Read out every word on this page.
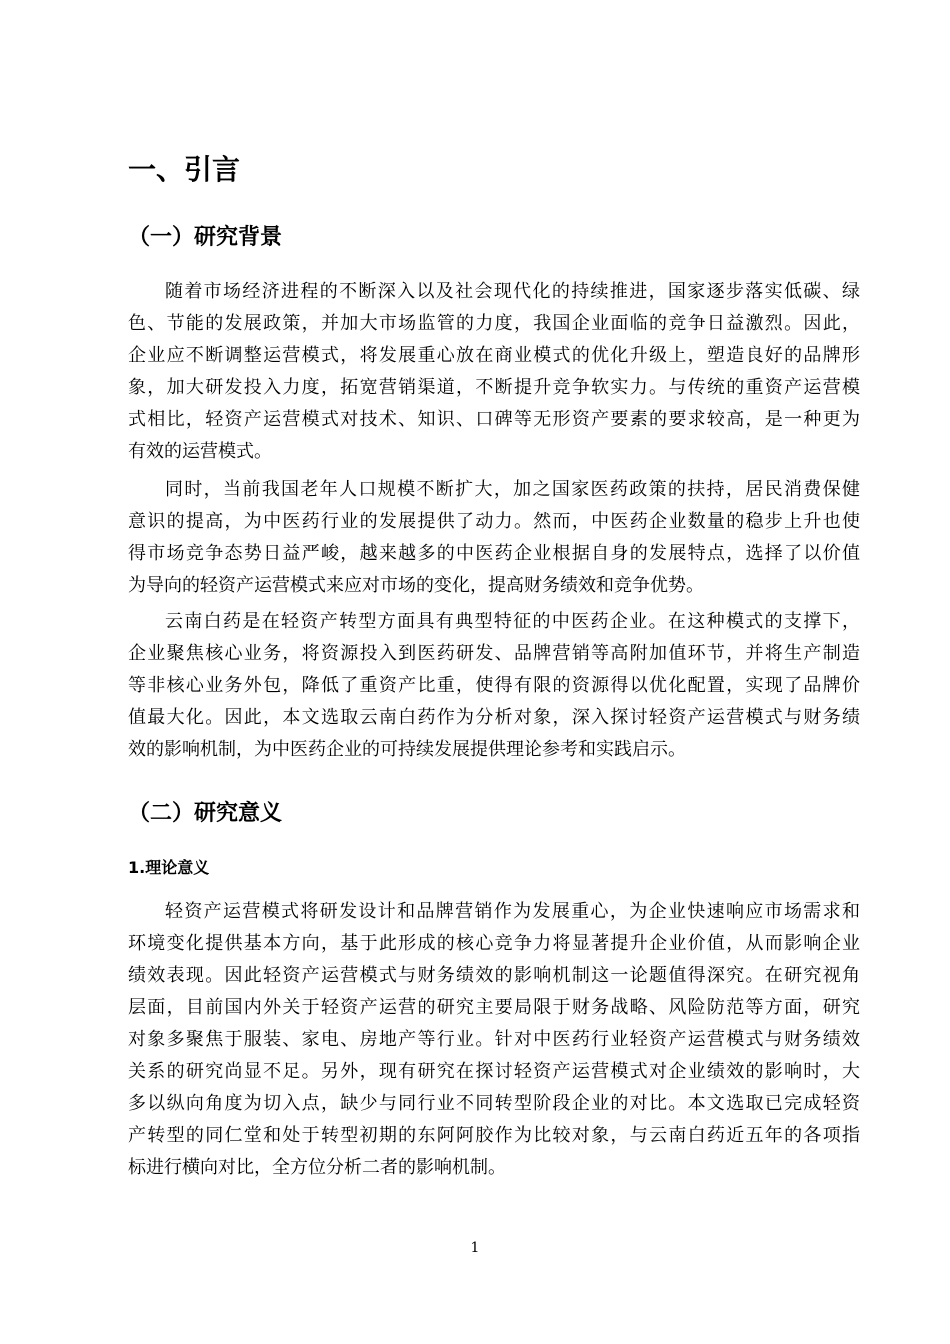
一、引言
（一）研究背景
随着市场经济进程的不断深入以及社会现代化的持续推进，国家逐步落实低碳、绿
色、节能的发展政策，并加大市场监管的力度，我国企业面临的竞争日益激烈。因此，
企业应不断调整运营模式，将发展重心放在商业模式的优化升级上，塑造良好的品牌形
象，加大研发投入力度，拓宽营销渠道，不断提升竞争软实力。与传统的重资产运营模
式相比，轻资产运营模式对技术、知识、口碑等无形资产要素的要求较高，是一种更为
有效的运营模式。
同时，当前我国老年人口规模不断扩大，加之国家医药政策的扶持，居民消费保健
意识的提高，为中医药行业的发展提供了动力。然而，中医药企业数量的稳步上升也使
得市场竞争态势日益严峻，越来越多的中医药企业根据自身的发展特点，选择了以价值
为导向的轻资产运营模式来应对市场的变化，提高财务绩效和竞争优势。
云南白药是在轻资产转型方面具有典型特征的中医药企业。在这种模式的支撑下，
企业聚焦核心业务，将资源投入到医药研发、品牌营销等高附加值环节，并将生产制造
等非核心业务外包，降低了重资产比重，使得有限的资源得以优化配置，实现了品牌价
值最大化。因此，本文选取云南白药作为分析对象，深入探讨轻资产运营模式与财务绩
效的影响机制，为中医药企业的可持续发展提供理论参考和实践启示。
（二）研究意义
1.理论意义
轻资产运营模式将研发设计和品牌营销作为发展重心，为企业快速响应市场需求和
环境变化提供基本方向，基于此形成的核心竞争力将显著提升企业价值，从而影响企业
绩效表现。因此轻资产运营模式与财务绩效的影响机制这一论题值得深究。在研究视角
层面，目前国内外关于轻资产运营的研究主要局限于财务战略、风险防范等方面，研究
对象多聚焦于服装、家电、房地产等行业。针对中医药行业轻资产运营模式与财务绩效
关系的研究尚显不足。另外，现有研究在探讨轻资产运营模式对企业绩效的影响时，大
多以纵向角度为切入点，缺少与同行业不同转型阶段企业的对比。本文选取已完成轻资
产转型的同仁堂和处于转型初期的东阿阿胶作为比较对象，与云南白药近五年的各项指
标进行横向对比，全方位分析二者的影响机制。
1
